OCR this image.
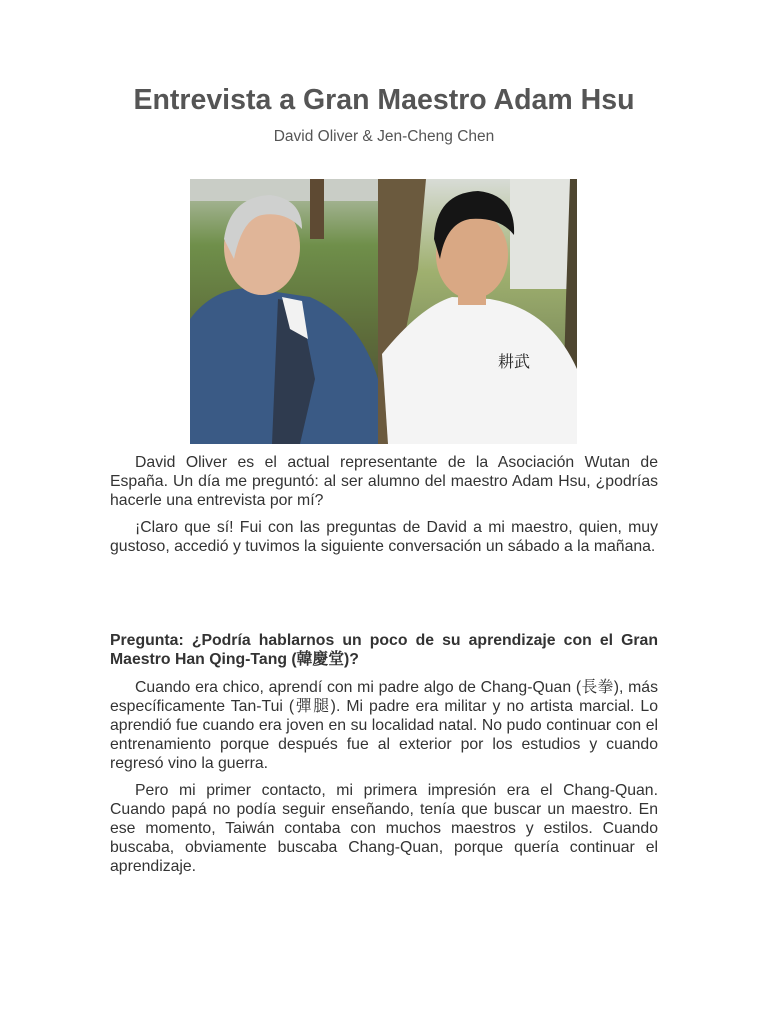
Entrevista a Gran Maestro Adam Hsu
David Oliver & Jen-Cheng Chen
耕武

David Oliver es el actual representante de la Asociación Wutan de España. Un día me preguntó: al ser alumno del maestro Adam Hsu, ¿podrías hacerle una entrevista por mí?

¡Claro que sí! Fui con las preguntas de David a mi maestro, quien, muy gustoso, accedió y tuvimos la siguiente conversación un sábado a la mañana.

Pregunta: ¿Podría hablarnos un poco de su aprendizaje con el Gran Maestro Han Qing-Tang (韓慶堂)?

Cuando era chico, aprendí con mi padre algo de Chang-Quan (長拳), más específicamente Tan-Tui (彈腿). Mi padre era militar y no artista marcial. Lo aprendió fue cuando era joven en su localidad natal. No pudo continuar con el entrenamiento porque después fue al exterior por los estudios y cuando regresó vino la guerra.

Pero mi primer contacto, mi primera impresión era el Chang-Quan. Cuando papá no podía seguir enseñando, tenía que buscar un maestro. En ese momento, Taiwán contaba con muchos maestros y estilos. Cuando buscaba, obviamente buscaba Chang-Quan, porque quería continuar el aprendizaje.
